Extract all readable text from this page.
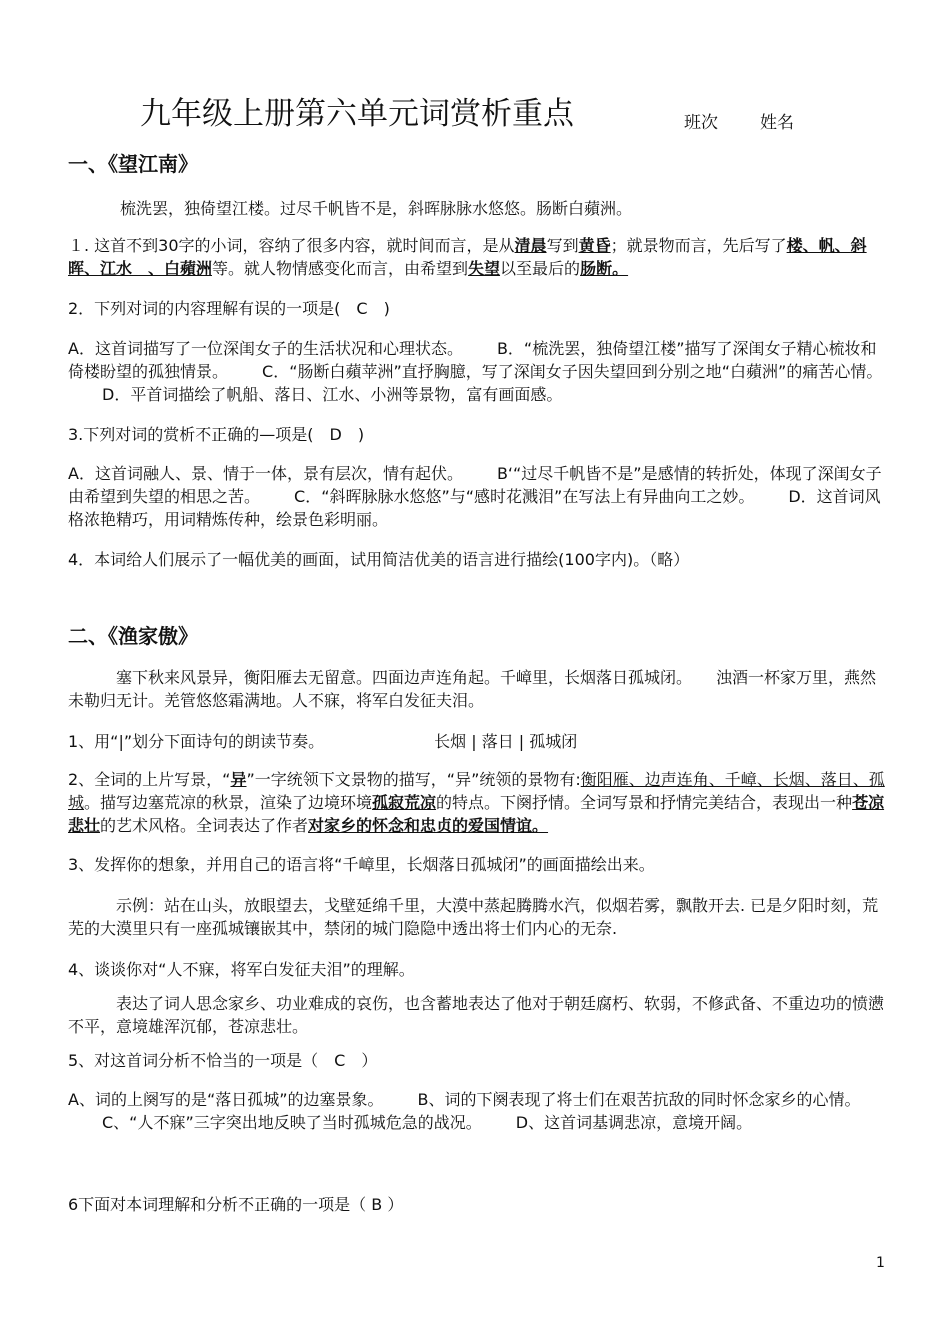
九年级上册第六单元词赏析重点	班次 姓名
一、《望江南》
梳洗罢，独倚望江楼。过尽千帆皆不是，斜晖脉脉水悠悠。肠断白蘋洲。
１. 这首不到30字的小词，容纳了很多内容，就时间而言，是从清晨写到黄昏；就景物而言，先后写了楼、帆、斜晖、江水　、白蘋洲等。就人物情感变化而言，由希望到失望以至最后的肠断。
2．下列对词的内容理解有误的一项是(　C　)
A．这首词描写了一位深闺女子的生活状况和心理状态。 B．“梳洗罢，独倚望江楼”描写了深闺女子精心梳妆和倚楼盼望的孤独情景。 C．“肠断白蘋苹洲”直抒胸臆，写了深闺女子因失望回到分别之地“白蘋洲”的痛苦心情。D．平首词描绘了帆船、落日、江水、小洲等景物，富有画面感。
3.下列对词的赏析不正确的—项是(　D　)
A．这首词融人、景、情于一体，景有层次，情有起伏。 B‘“过尽千帆皆不是”是感情的转折处，体现了深闺女子由希望到失望的相思之苦。 C．“斜晖脉脉水悠悠”与“感时花溅泪”在写法上有异曲向工之妙。 D．这首词风格浓艳精巧，用词精炼传种，绘景色彩明丽。
4．本词给人们展示了一幅优美的画面，试用简洁优美的语言进行描绘(100字内)。（略）
二、《渔家傲》
塞下秋来风景异，衡阳雁去无留意。四面边声连角起。千嶂里，长烟落日孤城闭。　　浊酒一杯家万里，燕然未勒归无计。羌管悠悠霜满地。人不寐，将军白发征夫泪。
1、用“|”划分下面诗句的朗读节奏。	长烟 | 落日 | 孤城闭
2、全词的上片写景，“异”一字统领下文景物的描写，“异”统领的景物有:衡阳雁、边声连角、千嶂、长烟、落日、孤城。描写边塞荒凉的秋景，渲染了边境环境孤寂荒凉的特点。下阕抒情。全词写景和抒情完美结合，表现出一种苍凉悲壮的艺术风格。全词表达了作者对家乡的怀念和忠贞的爱国情谊。
3、发挥你的想象，并用自己的语言将“千嶂里，长烟落日孤城闭”的画面描绘出来。
示例：站在山头，放眼望去，戈壁延绵千里，大漠中蒸起腾腾水汽，似烟若雾，飘散开去. 已是夕阳时刻，荒芜的大漠里只有一座孤城镶嵌其中，禁闭的城门隐隐中透出将士们内心的无奈.
4、谈谈你对“人不寐，将军白发征夫泪”的理解。
表达了词人思念家乡、功业难成的哀伤，也含蓄地表达了他对于朝廷腐朽、软弱，不修武备、不重边功的愤懑不平，意境雄浑沉郁，苍凉悲壮。
5、对这首词分析不恰当的一项是（　C　）
A、词的上阕写的是“落日孤城”的边塞景象。 B、词的下阕表现了将士们在艰苦抗敌的同时怀念家乡的心情。C、“人不寐”三字突出地反映了当时孤城危急的战况。 D、这首词基调悲凉，意境开阔。
6下面对本词理解和分析不正确的一项是（ B ）
1
